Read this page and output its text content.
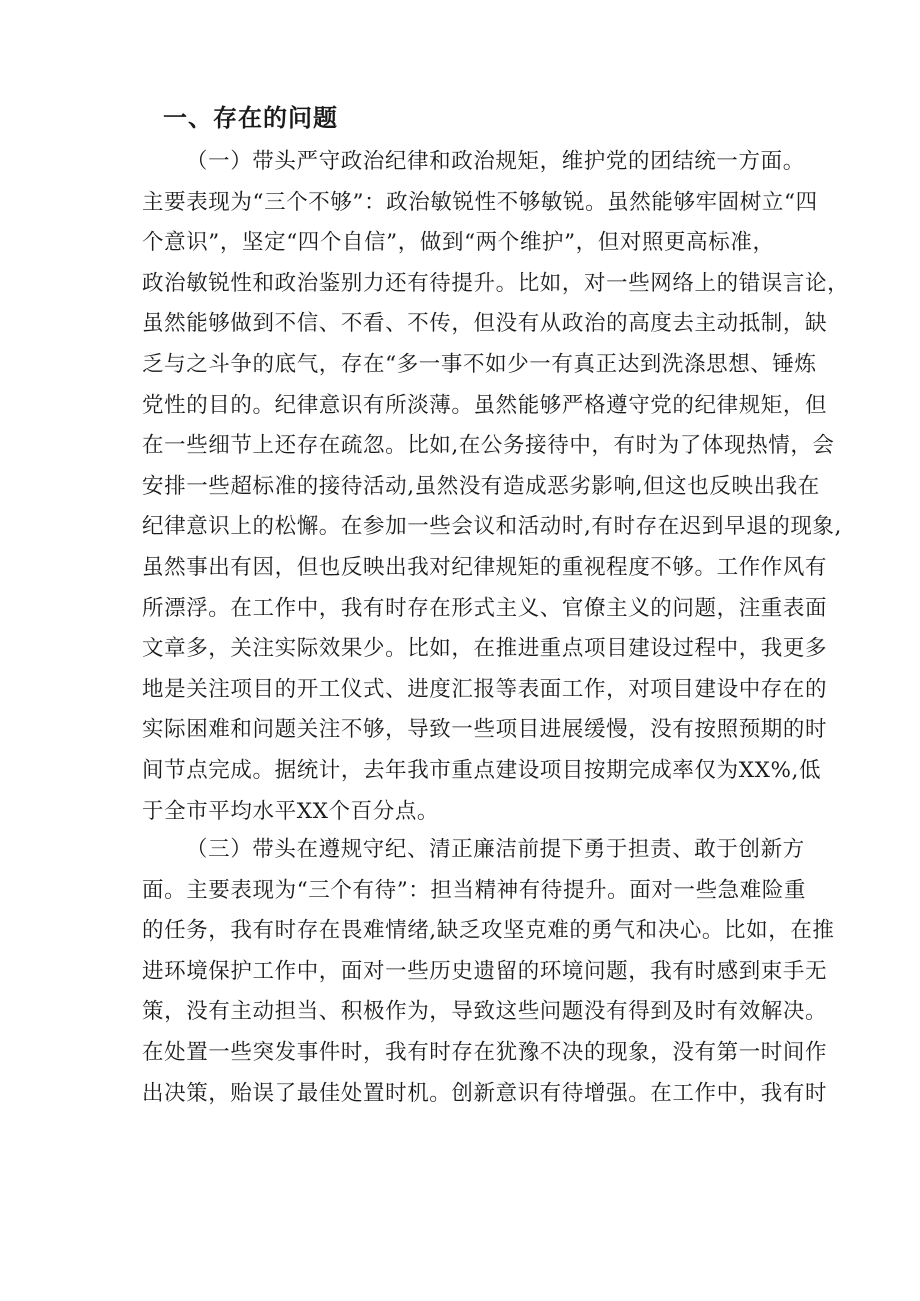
一、存在的问题
（一）带头严守政治纪律和政治规矩，维护党的团结统一方面。
主要表现为“三个不够”：政治敏锐性不够敏锐。虽然能够牢固树立“四
个意识”，坚定“四个自信”，做到“两个维护”，但对照更高标准，
政治敏锐性和政治鉴别力还有待提升。比如，对一些网络上的错误言论，
虽然能够做到不信、不看、不传，但没有从政治的高度去主动抵制，缺
乏与之斗争的底气，存在“多一事不如少一有真正达到洗涤思想、锤炼
党性的目的。纪律意识有所淡薄。虽然能够严格遵守党的纪律规矩，但
在一些细节上还存在疏忽。比如,在公务接待中，有时为了体现热情，会
安排一些超标准的接待活动,虽然没有造成恶劣影响,但这也反映出我在
纪律意识上的松懈。在参加一些会议和活动时,有时存在迟到早退的现象,
虽然事出有因，但也反映出我对纪律规矩的重视程度不够。工作作风有
所漂浮。在工作中，我有时存在形式主义、官僚主义的问题，注重表面
文章多，关注实际效果少。比如，在推进重点项目建设过程中，我更多
地是关注项目的开工仪式、进度汇报等表面工作，对项目建设中存在的
实际困难和问题关注不够，导致一些项目进展缓慢，没有按照预期的时
间节点完成。据统计，去年我市重点建设项目按期完成率仅为XX%,低
于全市平均水平XX个百分点。
（三）带头在遵规守纪、清正廉洁前提下勇于担责、敢于创新方
面。主要表现为“三个有待”：担当精神有待提升。面对一些急难险重
的任务，我有时存在畏难情绪,缺乏攻坚克难的勇气和决心。比如，在推
进环境保护工作中，面对一些历史遗留的环境问题，我有时感到束手无
策，没有主动担当、积极作为，导致这些问题没有得到及时有效解决。
在处置一些突发事件时，我有时存在犹豫不决的现象，没有第一时间作
出决策，贻误了最佳处置时机。创新意识有待增强。在工作中，我有时
